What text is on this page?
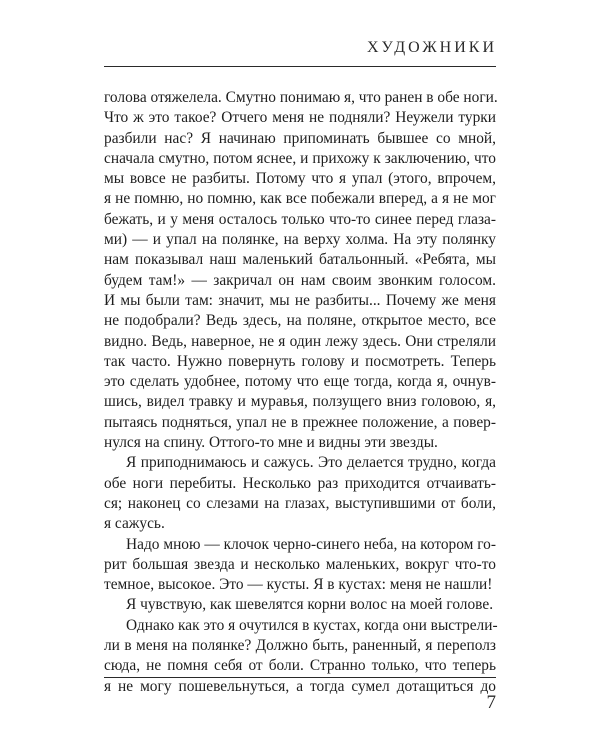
ХУДОЖНИКИ

голова отяжелела. Смутно понимаю я, что ранен в обе ноги.
Что ж это такое? Отчего меня не подняли? Неужели турки
разбили нас? Я начинаю припоминать бывшее со мной,
сначала смутно, потом яснее, и прихожу к заключению, что
мы вовсе не разбиты. Потому что я упал (этого, впрочем,
я не помню, но помню, как все побежали вперед, а я не мог
бежать, и у меня осталось только что-то синее перед глаза-
ми) — и упал на полянке, на верху холма. На эту полянку
нам показывал наш маленький батальонный. «Ребята, мы
будем там!» — закричал он нам своим звонким голосом.
И мы были там: значит, мы не разбиты... Почему же меня
не подобрали? Ведь здесь, на поляне, открытое место, все
видно. Ведь, наверное, не я один лежу здесь. Они стреляли
так часто. Нужно повернуть голову и посмотреть. Теперь
это сделать удобнее, потому что еще тогда, когда я, очнув-
шись, видел травку и муравья, ползущего вниз головою, я,
пытаясь подняться, упал не в прежнее положение, а повер-
нулся на спину. Оттого-то мне и видны эти звезды.

Я приподнимаюсь и сажусь. Это делается трудно, когда
обе ноги перебиты. Несколько раз приходится отчаивать-
ся; наконец со слезами на глазах, выступившими от боли,
я сажусь.

Надо мною — клочок черно-синего неба, на котором го-
рит большая звезда и несколько маленьких, вокруг что-то
темное, высокое. Это — кусты. Я в кустах: меня не нашли!

Я чувствую, как шевелятся корни волос на моей голове.

Однако как это я очутился в кустах, когда они выстрели-
ли в меня на полянке? Должно быть, раненный, я переполз
сюда, не помня себя от боли. Странно только, что теперь
я не могу пошевельнуться, а тогда сумел дотащиться до

7
